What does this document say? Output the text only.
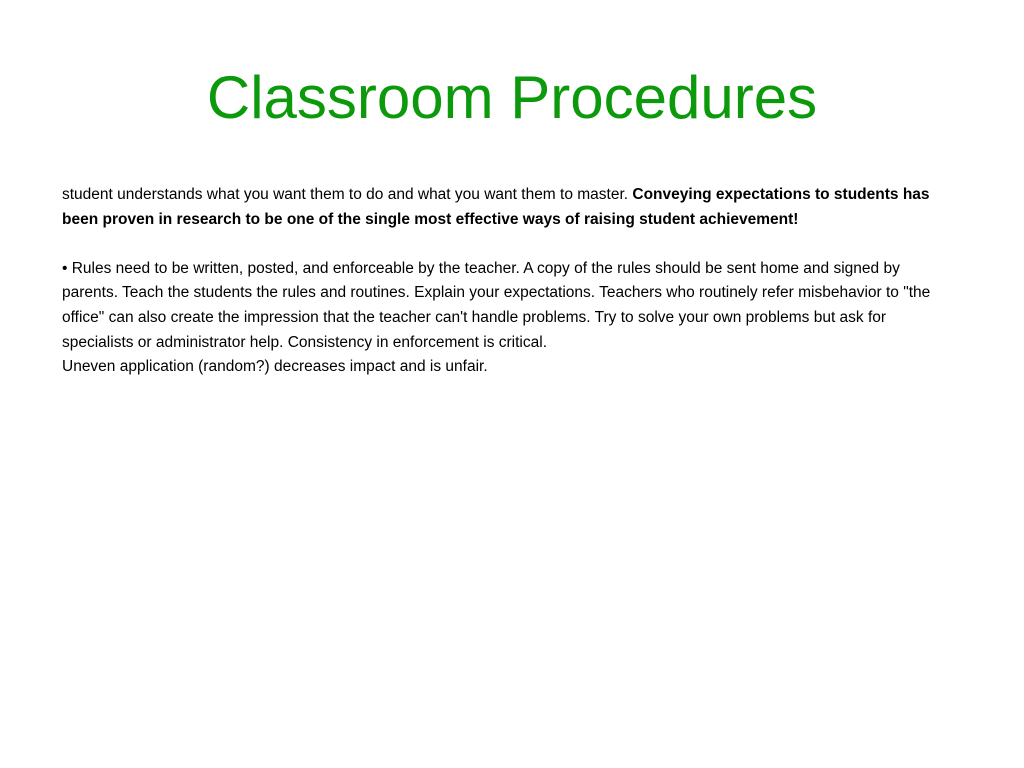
Classroom Procedures

student understands what you want them to do and what you want them to master. Conveying expectations to students has been proven in research to be one of the single most effective ways of raising student achievement!

• Rules need to be written, posted, and enforceable by the teacher. A copy of the rules should be sent home and signed by parents. Teach the students the rules and routines. Explain your expectations. Teachers who routinely refer misbehavior to "the office" can also create the impression that the teacher can't handle problems. Try to solve your own problems but ask for specialists or administrator help. Consistency in enforcement is critical.

Uneven application (random?) decreases impact and is unfair.
